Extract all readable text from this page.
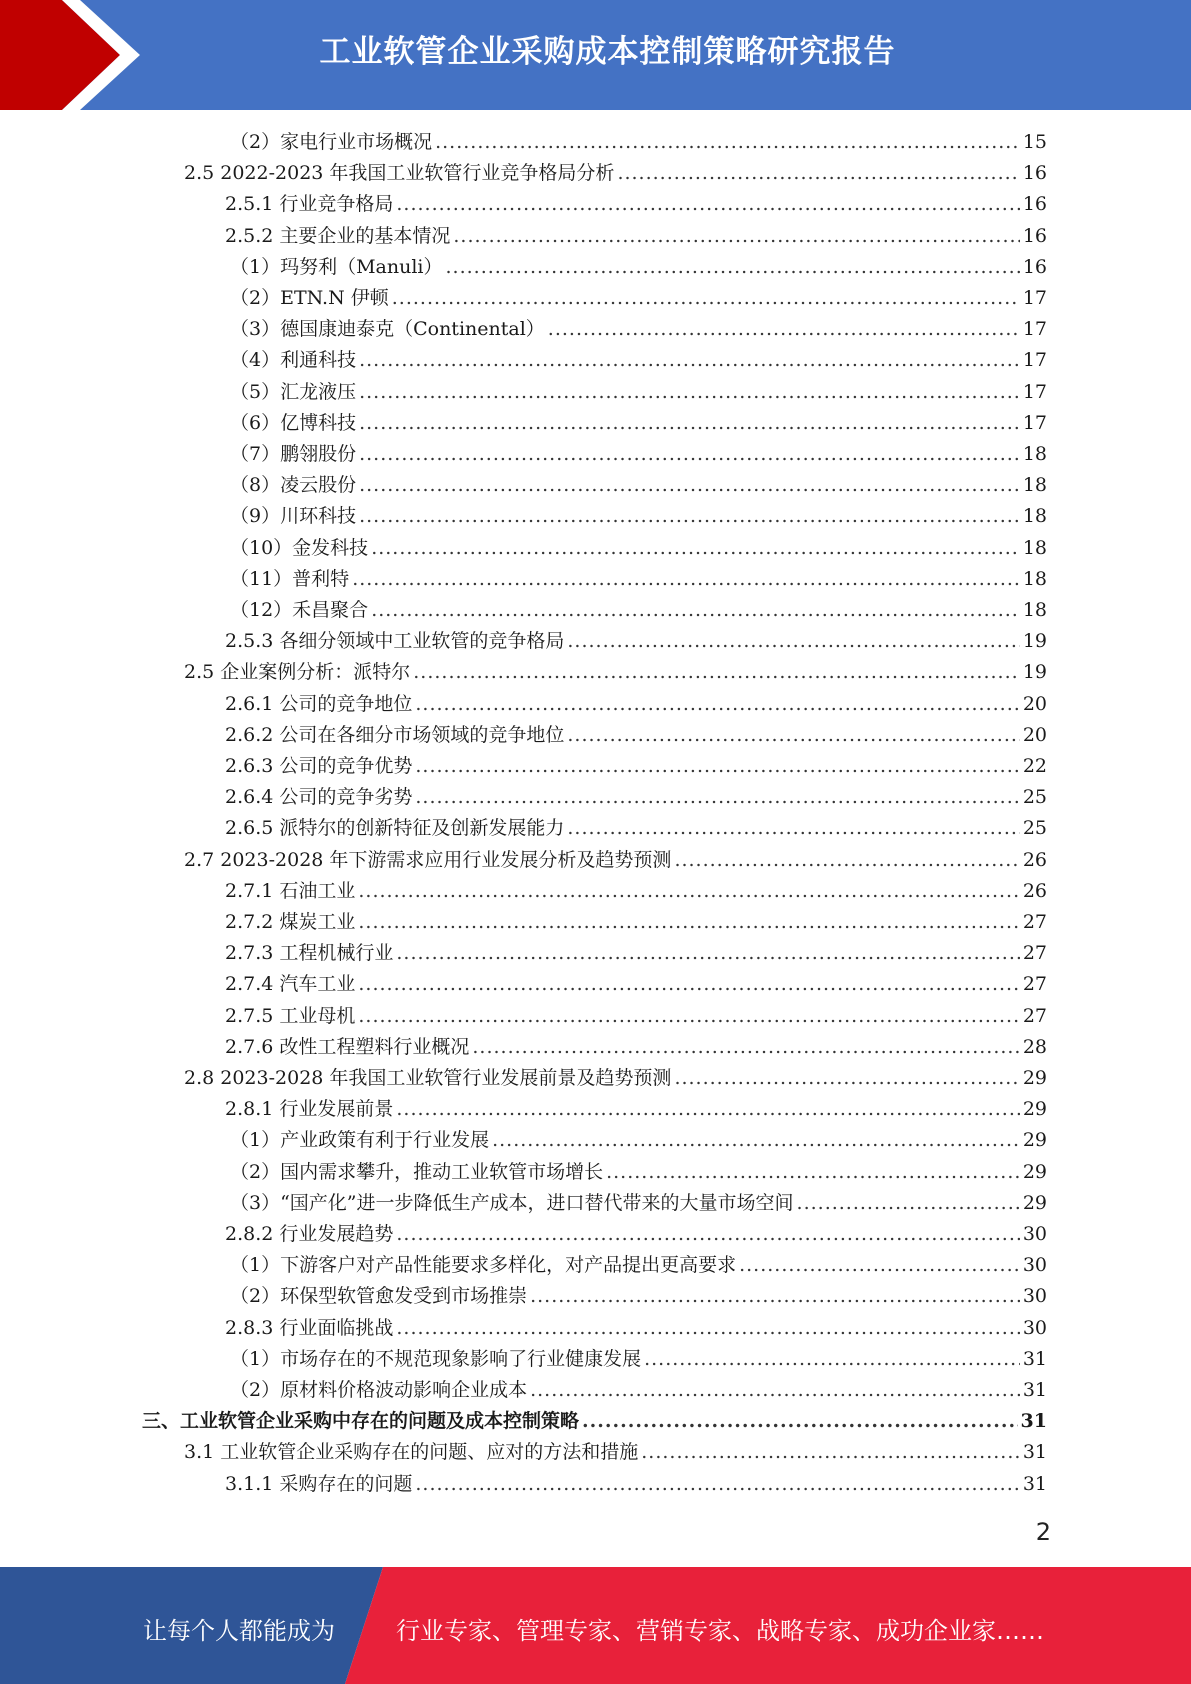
工业软管企业采购成本控制策略研究报告
（2）家电行业市场概况 .....	15
2.5 2022-2023 年我国工业软管行业竞争格局分析 .....	16
2.5.1 行业竞争格局 .....	16
2.5.2 主要企业的基本情况 .....	16
（1）玛努利（Manuli） .....	16
（2）ETN.N 伊顿 .....	17
（3）德国康迪泰克（Continental） .....	17
（4）利通科技 .....	17
（5）汇龙液压 .....	17
（6）亿博科技 .....	17
（7）鹏翎股份 .....	18
（8）凌云股份 .....	18
（9）川环科技 .....	18
（10）金发科技 .....	18
（11）普利特 .....	18
（12）禾昌聚合 .....	18
2.5.3 各细分领域中工业软管的竞争格局 .....	19
2.5 企业案例分析：派特尔 .....	19
2.6.1 公司的竞争地位 .....	20
2.6.2 公司在各细分市场领域的竞争地位 .....	20
2.6.3 公司的竞争优势 .....	22
2.6.4 公司的竞争劣势 .....	25
2.6.5 派特尔的创新特征及创新发展能力 .....	25
2.7 2023-2028 年下游需求应用行业发展分析及趋势预测 .....	26
2.7.1 石油工业 .....	26
2.7.2 煤炭工业 .....	27
2.7.3 工程机械行业 .....	27
2.7.4 汽车工业 .....	27
2.7.5 工业母机 .....	27
2.7.6 改性工程塑料行业概况 .....	28
2.8 2023-2028 年我国工业软管行业发展前景及趋势预测 .....	29
2.8.1 行业发展前景 .....	29
（1）产业政策有利于行业发展 .....	29
（2）国内需求攀升，推动工业软管市场增长 .....	29
（3）“国产化”进一步降低生产成本，进口替代带来的大量市场空间 .....	29
2.8.2 行业发展趋势 .....	30
（1）下游客户对产品性能要求多样化，对产品提出更高要求 .....	30
（2）环保型软管愈发受到市场推崇 .....	30
2.8.3 行业面临挑战 .....	30
（1）市场存在的不规范现象影响了行业健康发展 .....	31
（2）原材料价格波动影响企业成本 .....	31
三、工业软管企业采购中存在的问题及成本控制策略 .....	31
3.1 工业软管企业采购存在的问题、应对的方法和措施 .....	31
3.1.1 采购存在的问题 .....	31
2
让每个人都能成为	行业专家、管理专家、营销专家、战略专家、成功企业家……
